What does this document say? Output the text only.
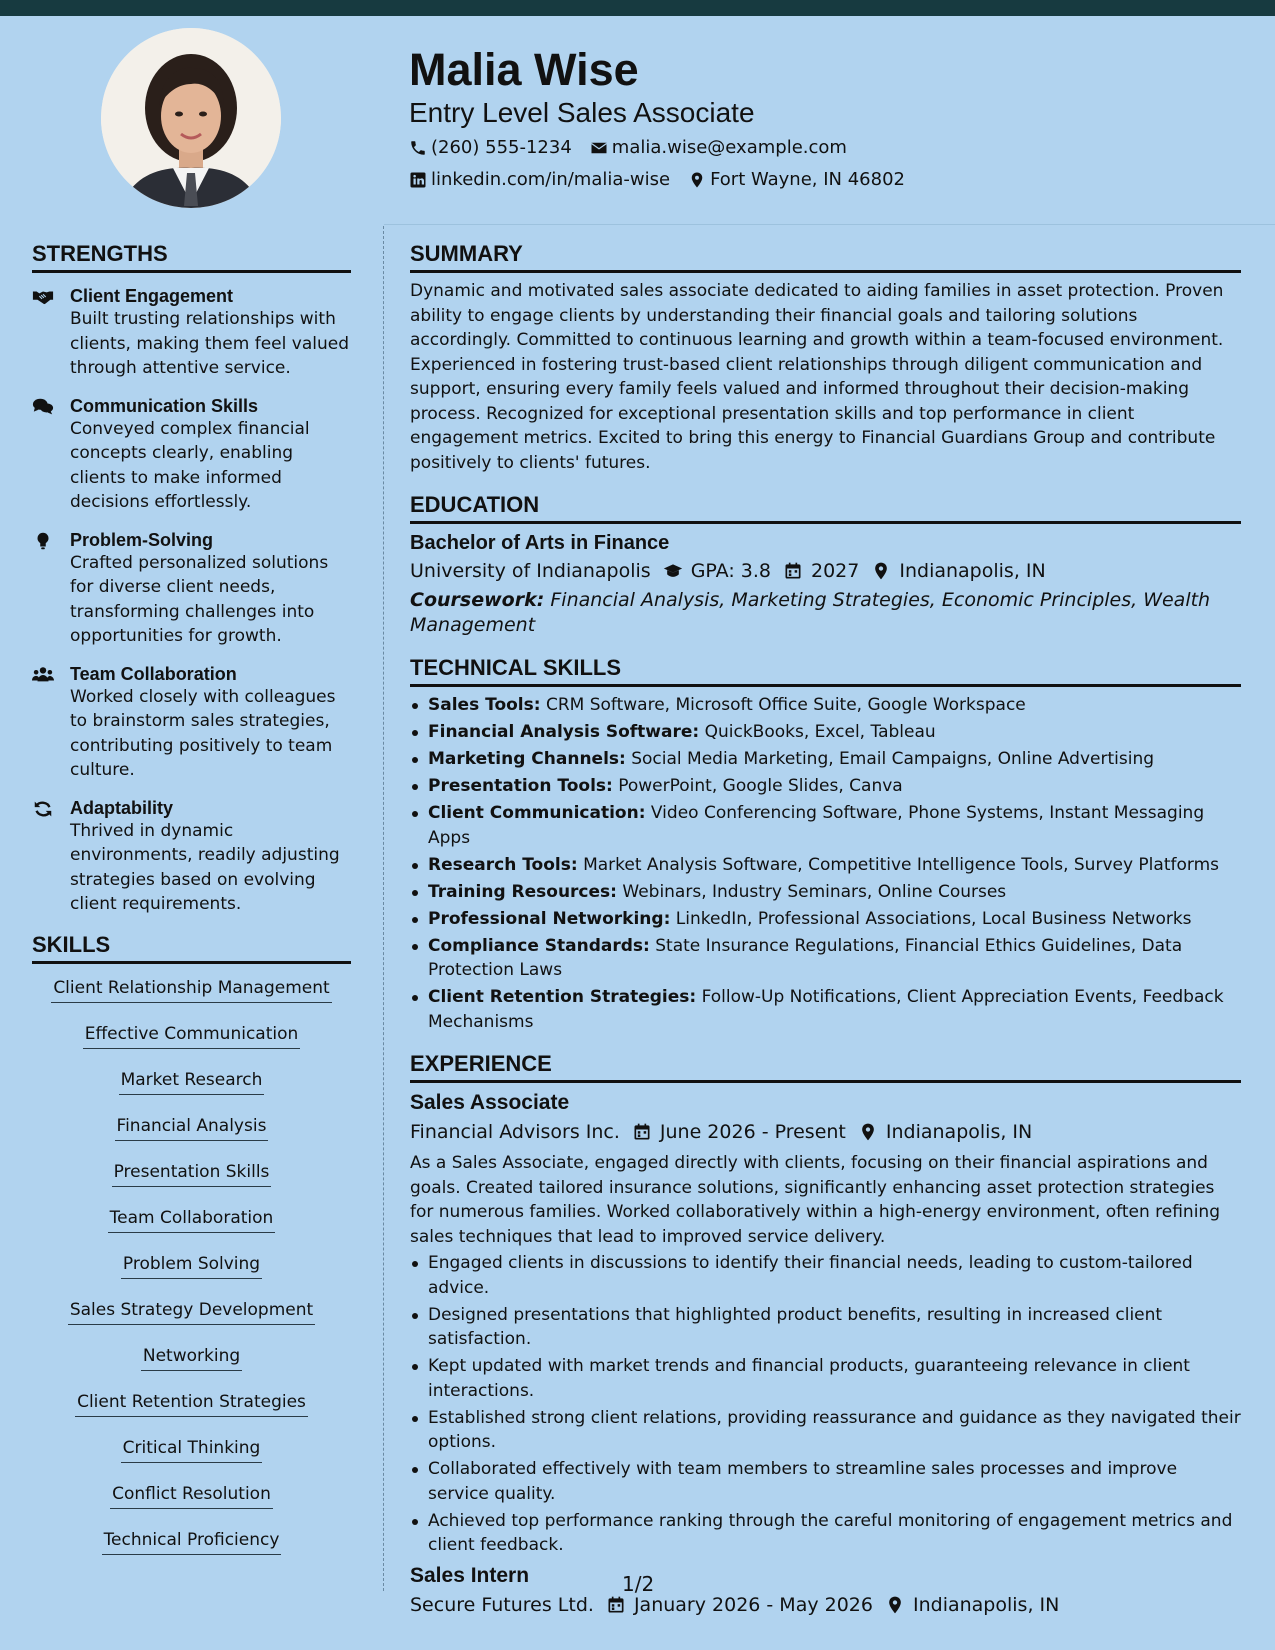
Malia Wise
Entry Level Sales Associate
(260) 555-1234 malia.wise@example.com
linkedin.com/in/malia-wise Fort Wayne, IN 46802
STRENGTHS
Client Engagement
Built trusting relationships with clients, making them feel valued through attentive service.
Communication Skills
Conveyed complex financial concepts clearly, enabling clients to make informed decisions effortlessly.
Problem-Solving
Crafted personalized solutions for diverse client needs, transforming challenges into opportunities for growth.
Team Collaboration
Worked closely with colleagues to brainstorm sales strategies, contributing positively to team culture.
Adaptability
Thrived in dynamic environments, readily adjusting strategies based on evolving client requirements.
SKILLS
Client Relationship Management
Effective Communication
Market Research
Financial Analysis
Presentation Skills
Team Collaboration
Problem Solving
Sales Strategy Development
Networking
Client Retention Strategies
Critical Thinking
Conflict Resolution
Technical Proficiency
SUMMARY
Dynamic and motivated sales associate dedicated to aiding families in asset protection. Proven ability to engage clients by understanding their financial goals and tailoring solutions accordingly. Committed to continuous learning and growth within a team-focused environment. Experienced in fostering trust-based client relationships through diligent communication and support, ensuring every family feels valued and informed throughout their decision-making process. Recognized for exceptional presentation skills and top performance in client engagement metrics. Excited to bring this energy to Financial Guardians Group and contribute positively to clients' futures.
EDUCATION
Bachelor of Arts in Finance
University of Indianapolis GPA: 3.8 2027 Indianapolis, IN
Coursework: Financial Analysis, Marketing Strategies, Economic Principles, Wealth Management
TECHNICAL SKILLS
Sales Tools: CRM Software, Microsoft Office Suite, Google Workspace
Financial Analysis Software: QuickBooks, Excel, Tableau
Marketing Channels: Social Media Marketing, Email Campaigns, Online Advertising
Presentation Tools: PowerPoint, Google Slides, Canva
Client Communication: Video Conferencing Software, Phone Systems, Instant Messaging Apps
Research Tools: Market Analysis Software, Competitive Intelligence Tools, Survey Platforms
Training Resources: Webinars, Industry Seminars, Online Courses
Professional Networking: LinkedIn, Professional Associations, Local Business Networks
Compliance Standards: State Insurance Regulations, Financial Ethics Guidelines, Data Protection Laws
Client Retention Strategies: Follow-Up Notifications, Client Appreciation Events, Feedback Mechanisms
EXPERIENCE
Sales Associate
Financial Advisors Inc. June 2026 - Present Indianapolis, IN
As a Sales Associate, engaged directly with clients, focusing on their financial aspirations and goals. Created tailored insurance solutions, significantly enhancing asset protection strategies for numerous families. Worked collaboratively within a high-energy environment, often refining sales techniques that lead to improved service delivery.
Engaged clients in discussions to identify their financial needs, leading to custom-tailored advice.
Designed presentations that highlighted product benefits, resulting in increased client satisfaction.
Kept updated with market trends and financial products, guaranteeing relevance in client interactions.
Established strong client relations, providing reassurance and guidance as they navigated their options.
Collaborated effectively with team members to streamline sales processes and improve service quality.
Achieved top performance ranking through the careful monitoring of engagement metrics and client feedback.
Sales Intern
Secure Futures Ltd. January 2026 - May 2026 Indianapolis, IN
1/2
